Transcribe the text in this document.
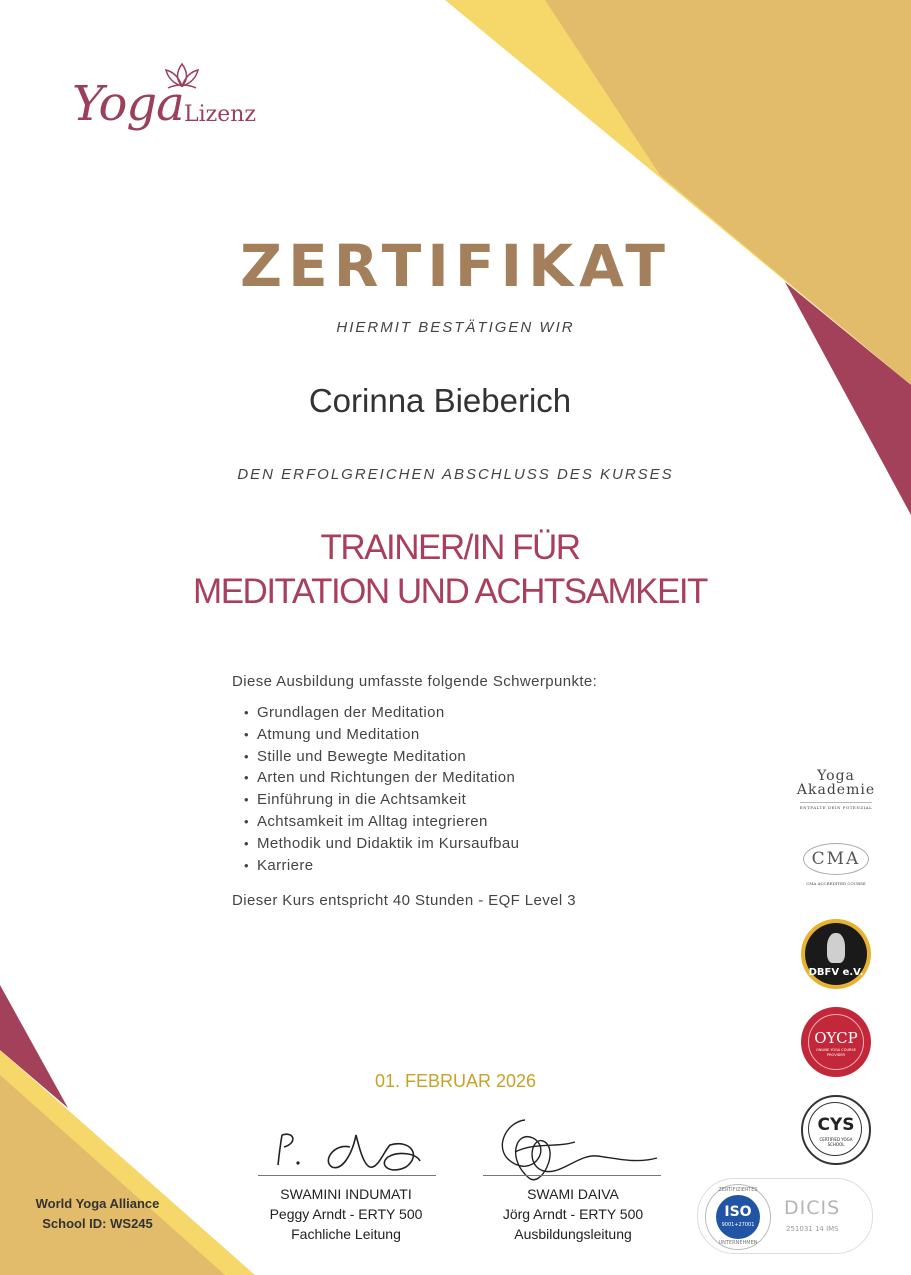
Yoga Lizenz
ZERTIFIKAT
HIERMIT BESTÄTIGEN WIR
Corinna Bieberich
DEN ERFOLGREICHEN ABSCHLUSS DES KURSES
TRAINER/IN FÜR
MEDITATION UND ACHTSAMKEIT
Diese Ausbildung umfasste folgende Schwerpunkte:
• Grundlagen der Meditation
• Atmung und Meditation
• Stille und Bewegte Meditation
• Arten und Richtungen der Meditation
• Einführung in die Achtsamkeit
• Achtsamkeit im Alltag integrieren
• Methodik und Didaktik im Kursaufbau
• Karriere
Dieser Kurs entspricht 40 Stunden - EQF Level 3
01. FEBRUAR 2026
SWAMINI INDUMATI
Peggy Arndt - ERTY 500
Fachliche Leitung
SWAMI DAIVA
Jörg Arndt - ERTY 500
Ausbildungsleitung
World Yoga Alliance
School ID: WS245
Yoga
Akademie
ENTFALTE DEIN POTENZIAL
CMA
CMA ACCREDITED COURSE
DBFV e.V.
OYCP
ONLINE YOGA COURSE PROVIDER
CYS
CERTIFIED YOGA SCHOOL
ZERTIFIZIERTES
ISO
9001+27001
UNTERNEHMEN
DICIS
251031 14 IMS
